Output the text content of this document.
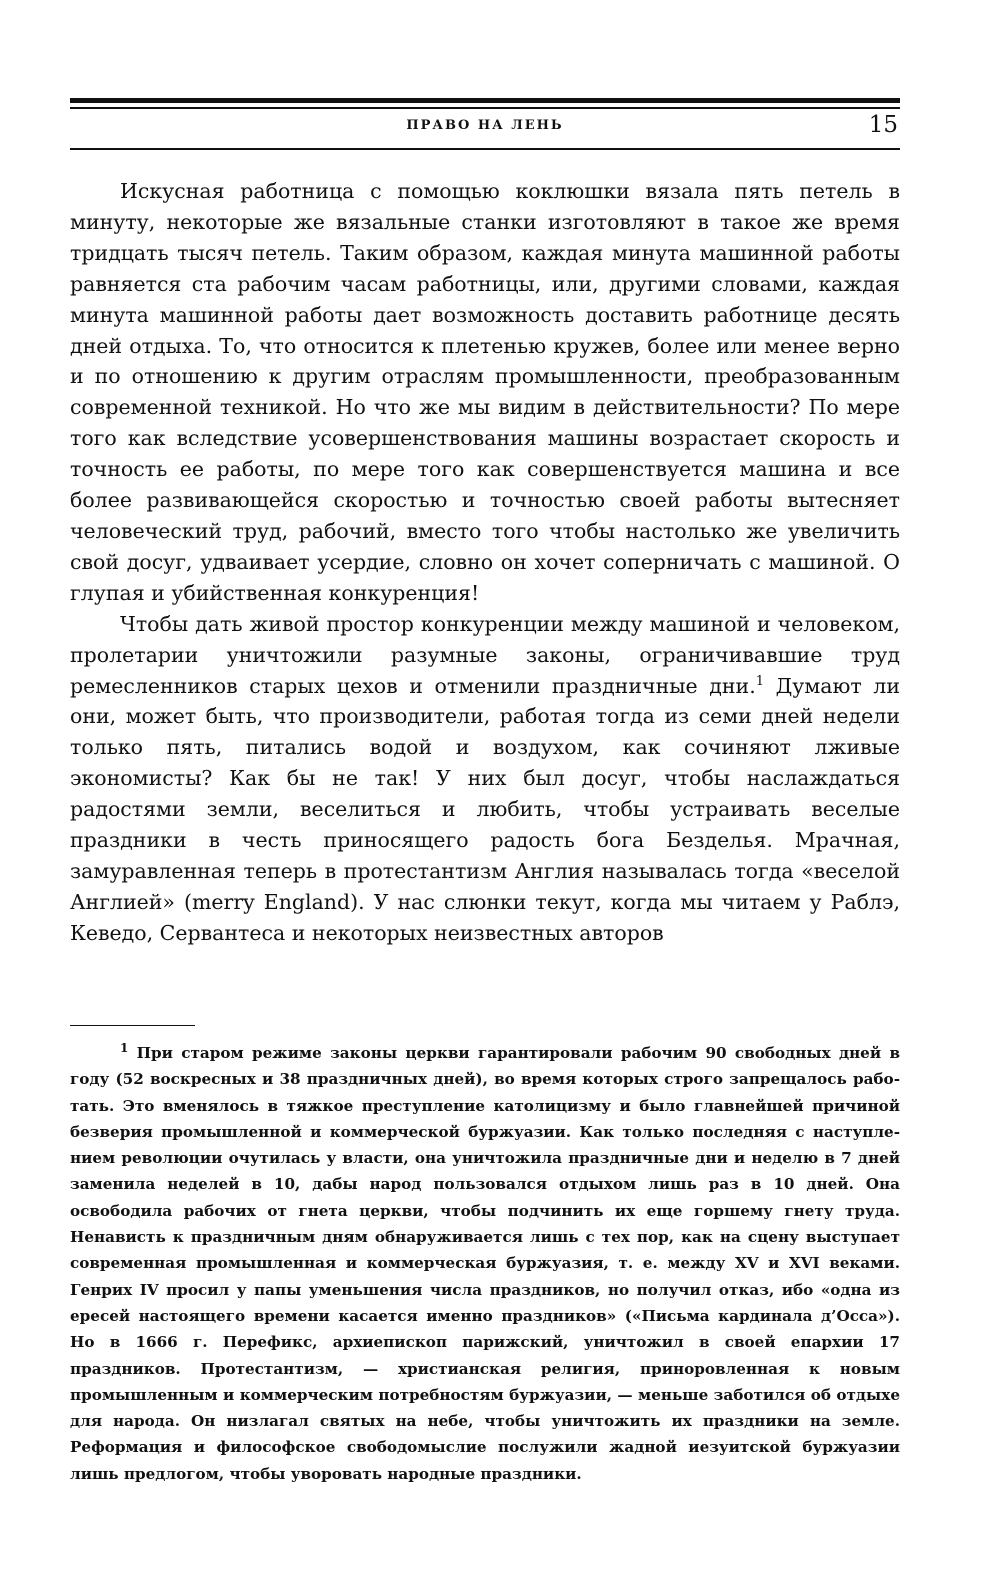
ПРАВО НА ЛЕНЬ	15

Искусная работница с помощью коклюшки вязала пять петель в минуту, некоторые же вязальные станки изготовляют в такое же время тридцать тысяч петель. Таким образом, каждая минута машинной работы равняется ста рабочим часам работницы, или, другими словами, каждая минута машинной работы дает возможность доставить работнице десять дней отдыха. То, что относится к плетенью кружев, более или менее верно и по отношению к другим отраслям промышленности, преобразованным современной техникой. Но что же мы видим в действительности? По мере того как вследствие усовершенствования машины возрастает скорость и точность ее работы, по мере того как совершенствуется машина и все более развивающейся скоростью и точностью своей работы вытесняет человеческий труд, рабочий, вместо того чтобы настолько же увеличить свой досуг, удваивает усердие, словно он хочет соперничать с машиной. О глупая и убийственная конкуренция!

Чтобы дать живой простор конкуренции между машиной и человеком, пролетарии уничтожили разумные законы, ограничивавшие труд ремесленников старых цехов и отменили праздничные дни.$^1$ Думают ли они, может быть, что производители, работая тогда из семи дней недели только пять, питались водой и воздухом, как сочиняют лживые экономисты? Как бы не так! У них был досуг, чтобы наслаждаться радостями земли, веселиться и любить, чтобы устраивать веселые праздники в честь приносящего радость бога Безделья. Мрачная, замуравленная теперь в протестантизм Англия называлась тогда «веселой Англией» (merry England). У нас слюнки текут, когда мы читаем у Раблэ, Кеведо, Сервантеса и некоторых неизвестных авторов

$^1$ При старом режиме законы церкви гарантировали рабочим 90 свободных дней в году (52 воскресных и 38 праздничных дней), во время которых строго запрещалось работать. Это вменялось в тяжкое преступление католицизму и было главнейшей причиной безверия промышленной и коммерческой буржуазии. Как только последняя с наступлением революции очутилась у власти, она уничтожила праздничные дни и неделю в 7 дней заменила неделей в 10, дабы народ пользовался отдыхом лишь раз в 10 дней. Она освободила рабочих от гнета церкви, чтобы подчинить их еще горшему гнету труда. Ненависть к праздничным дням обнаруживается лишь с тех пор, как на сцену выступает современная промышленная и коммерческая буржуазия, т. е. между XV и XVI веками. Генрих IV просил у папы уменьшения числа праздников, но получил отказ, ибо «одна из ересей настоящего времени касается именно праздников» («Письма кардинала д’Осса»). Но в 1666 г. Перефикс, архиепископ парижский, уничтожил в своей епархии 17 праздников. Протестантизм, — христианская религия, приноровленная к новым промышленным и коммерческим потребностям буржуазии, — меньше заботился об отдыхе для народа. Он низлагал святых на небе, чтобы уничтожить их праздники на земле. Реформация и философское свободомыслие послужили жадной иезуитской буржуазии лишь предлогом, чтобы уворовать народные праздники.
